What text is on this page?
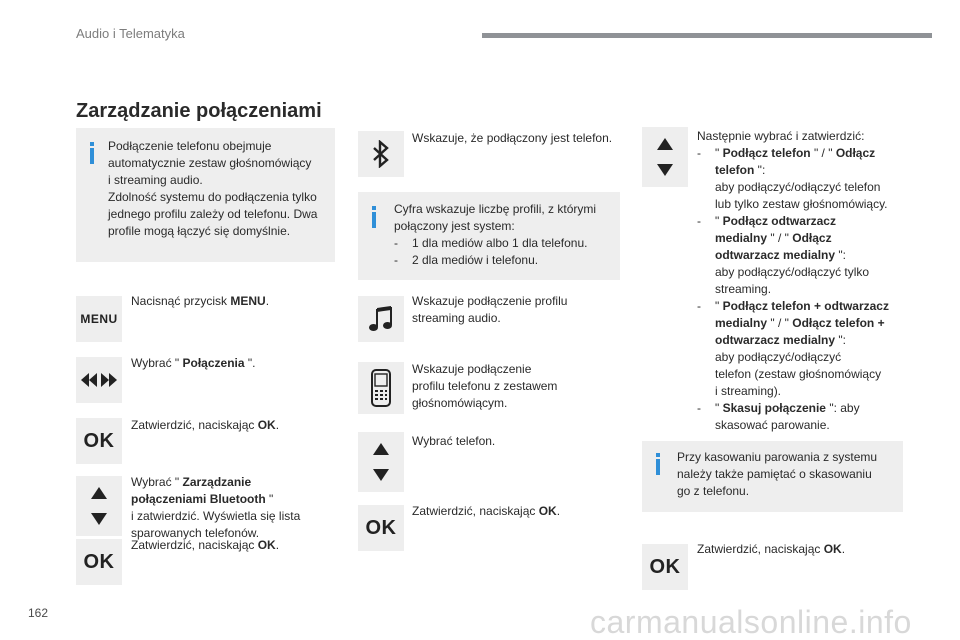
Audio i Telematyka
Zarządzanie połączeniami
Podłączenie telefonu obejmuje
automatycznie zestaw głośnomówiący
i streaming audio.
Zdolność systemu do podłączenia tylko
jednego profilu zależy od telefonu. Dwa
profile mogą łączyć się domyślnie.
MENU
Nacisnąć przycisk MENU.
Wybrać " Połączenia ".
OK
Zatwierdzić, naciskając OK.
Wybrać " Zarządzanie
połączeniami Bluetooth "
i zatwierdzić. Wyświetla się lista
sparowanych telefonów.
OK
Zatwierdzić, naciskając OK.
Wskazuje, że podłączony jest telefon.
Cyfra wskazuje liczbę profili, z którymi
połączony jest system:
-	1 dla mediów albo 1 dla telefonu.
-	2 dla mediów i telefonu.
Wskazuje podłączenie profilu
streaming audio.
Wskazuje podłączenie
profilu telefonu z zestawem
głośnomówiącym.
Wybrać telefon.
OK
Zatwierdzić, naciskając OK.
Następnie wybrać i zatwierdzić:
-	" Podłącz telefon " / " Odłącz
telefon ":
aby podłączyć/odłączyć telefon
lub tylko zestaw głośnomówiący.
-	" Podłącz odtwarzacz
medialny " / " Odłącz
odtwarzacz medialny ":
aby podłączyć/odłączyć tylko
streaming.
-	" Podłącz telefon + odtwarzacz
medialny " / " Odłącz telefon +
odtwarzacz medialny ":
aby podłączyć/odłączyć
telefon (zestaw głośnomówiący
i streaming).
-	" Skasuj połączenie ": aby
skasować parowanie.
Przy kasowaniu parowania z systemu
należy także pamiętać o skasowaniu
go z telefonu.
OK
Zatwierdzić, naciskając OK.
162	carmanualsonline.info
